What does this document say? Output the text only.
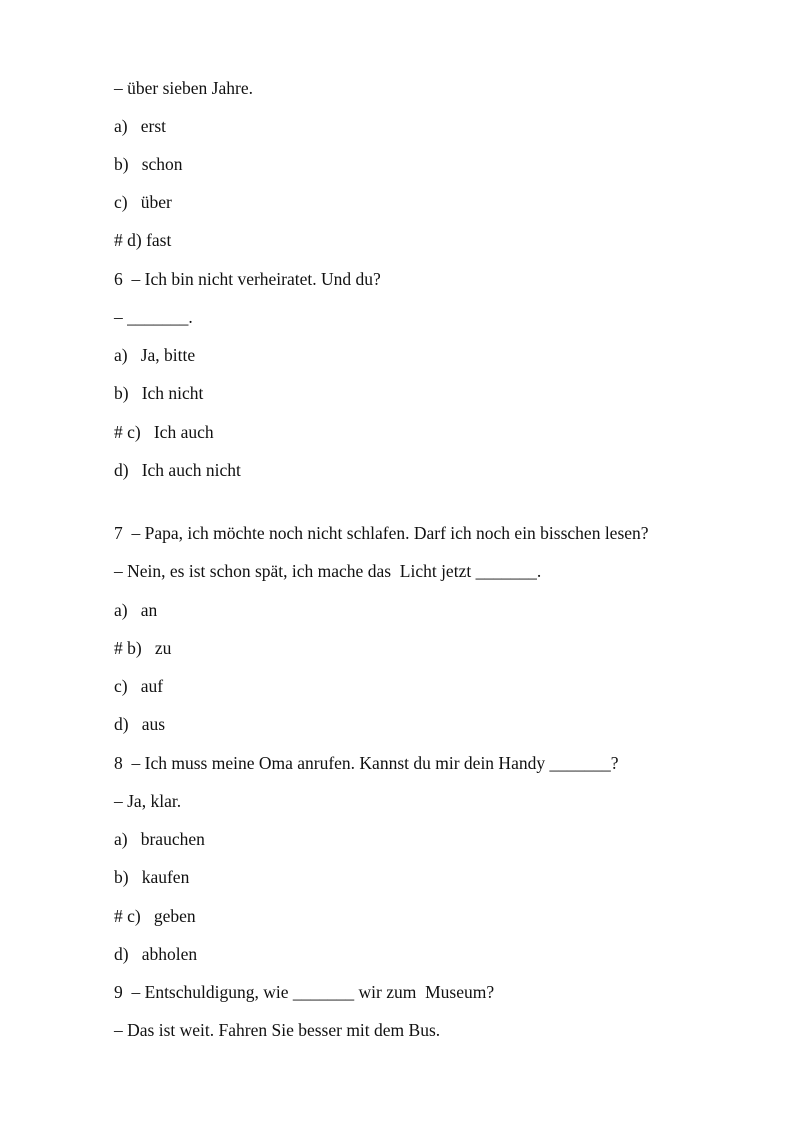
– über sieben Jahre.
a)   erst
b)   schon
c)   über
# d) fast
6  – Ich bin nicht verheiratet. Und du?
– _______.
a)   Ja, bitte
b)   Ich nicht
# c)   Ich auch
d)   Ich auch nicht
7  – Papa, ich möchte noch nicht schlafen. Darf ich noch ein bisschen lesen?
– Nein, es ist schon spät, ich mache das  Licht jetzt _______.
a)   an
# b)   zu
c)   auf
d)   aus
8  – Ich muss meine Oma anrufen. Kannst du mir dein Handy _______?
– Ja, klar.
a)   brauchen
b)   kaufen
# c)   geben
d)   abholen
9  – Entschuldigung, wie _______ wir zum  Museum?
– Das ist weit. Fahren Sie besser mit dem Bus.
